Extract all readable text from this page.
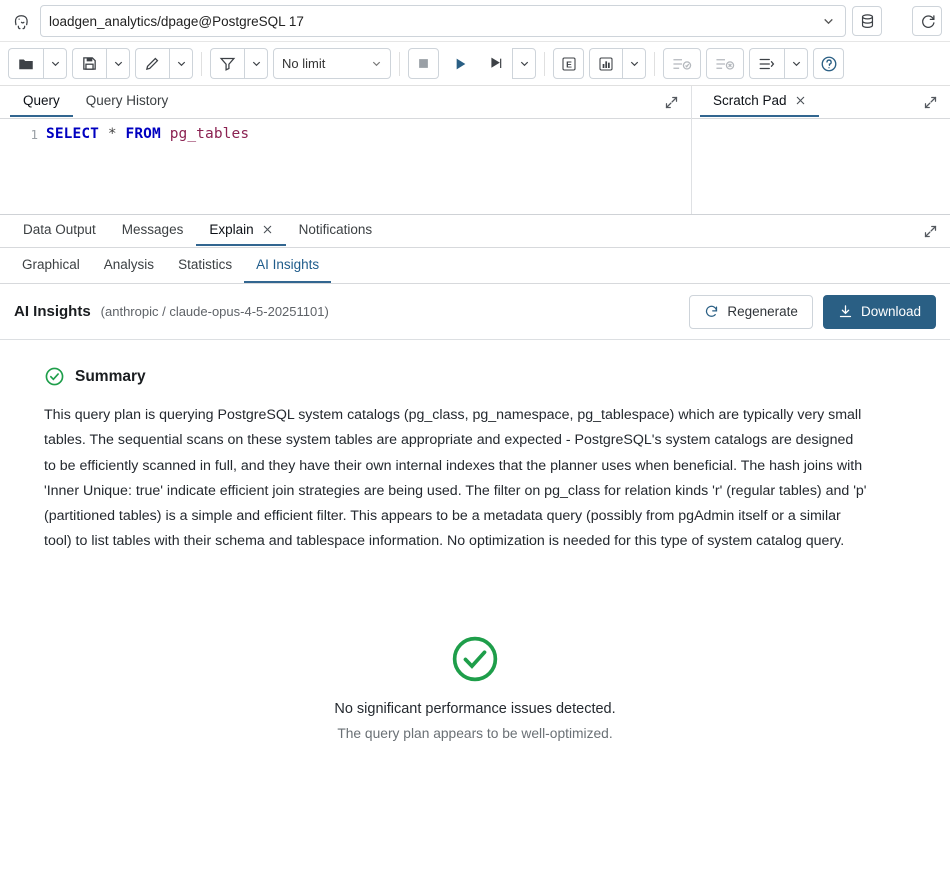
loadgen_analytics/dpage@PostgreSQL 17
No limit	E
Query	Query History
1 SELECT * FROM pg_tables
Scratch Pad
Data Output	Messages	Explain	Notifications
Graphical	Analysis	Statistics	AI Insights
AI Insights (anthropic / claude-opus-4-5-20251101)	Regenerate	Download
Summary
This query plan is querying PostgreSQL system catalogs (pg_class, pg_namespace, pg_tablespace) which are typically very small tables. The sequential scans on these system tables are appropriate and expected - PostgreSQL's system catalogs are designed to be efficiently scanned in full, and they have their own internal indexes that the planner uses when beneficial. The hash joins with 'Inner Unique: true' indicate efficient join strategies are being used. The filter on pg_class for relation kinds 'r' (regular tables) and 'p' (partitioned tables) is a simple and efficient filter. This appears to be a metadata query (possibly from pgAdmin itself or a similar tool) to list tables with their schema and tablespace information. No optimization is needed for this type of system catalog query.
No significant performance issues detected.
The query plan appears to be well-optimized.
